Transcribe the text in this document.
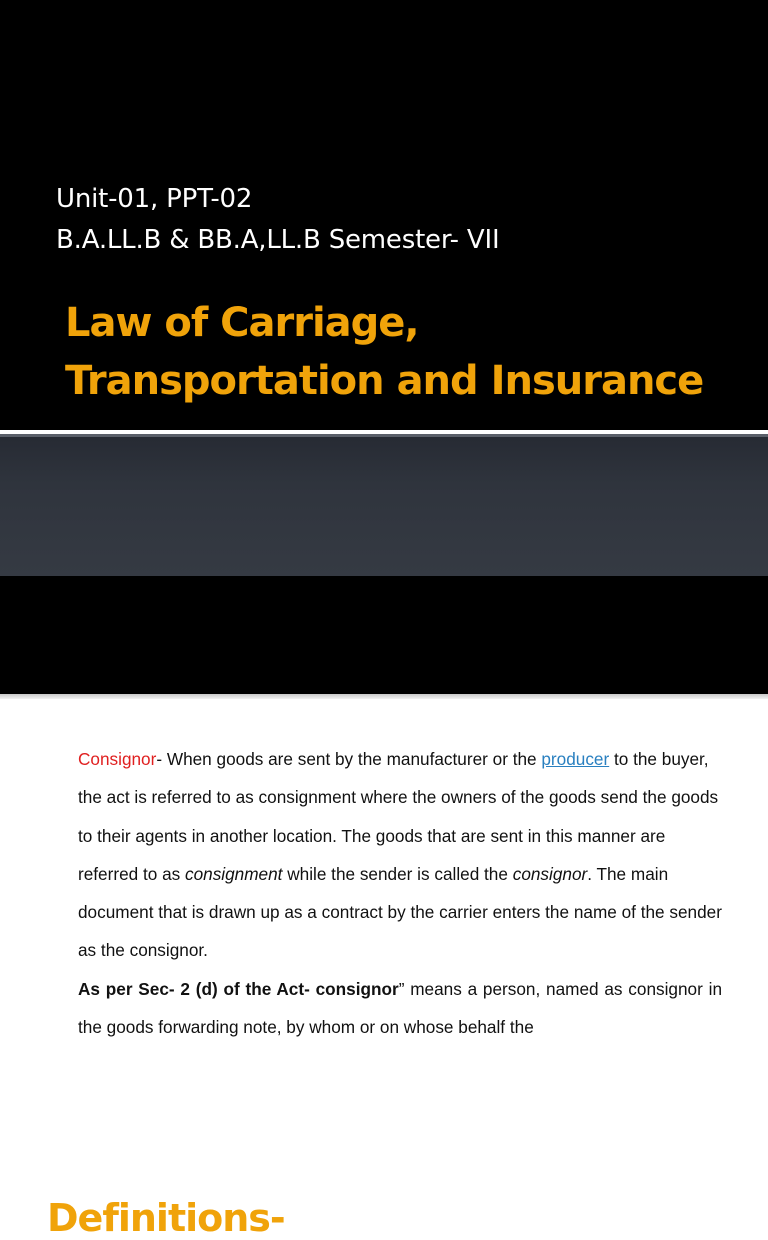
Unit-01, PPT-02
B.A.LL.B & BB.A,LL.B Semester- VII
Law of Carriage,
Transportation and Insurance
Definitions-

Consignor- When goods are sent by the manufacturer or the producer to the buyer, the act is referred to as consignment where the owners of the goods send the goods to their agents in another location. The goods that are sent in this manner are referred to as consignment while the sender is called the consignor. The main document that is drawn up as a contract by the carrier enters the name of the sender as the consignor.

As per Sec- 2 (d) of the Act- consignor” means a person, named as consignor in the goods forwarding note, by whom or on whose behalf the
